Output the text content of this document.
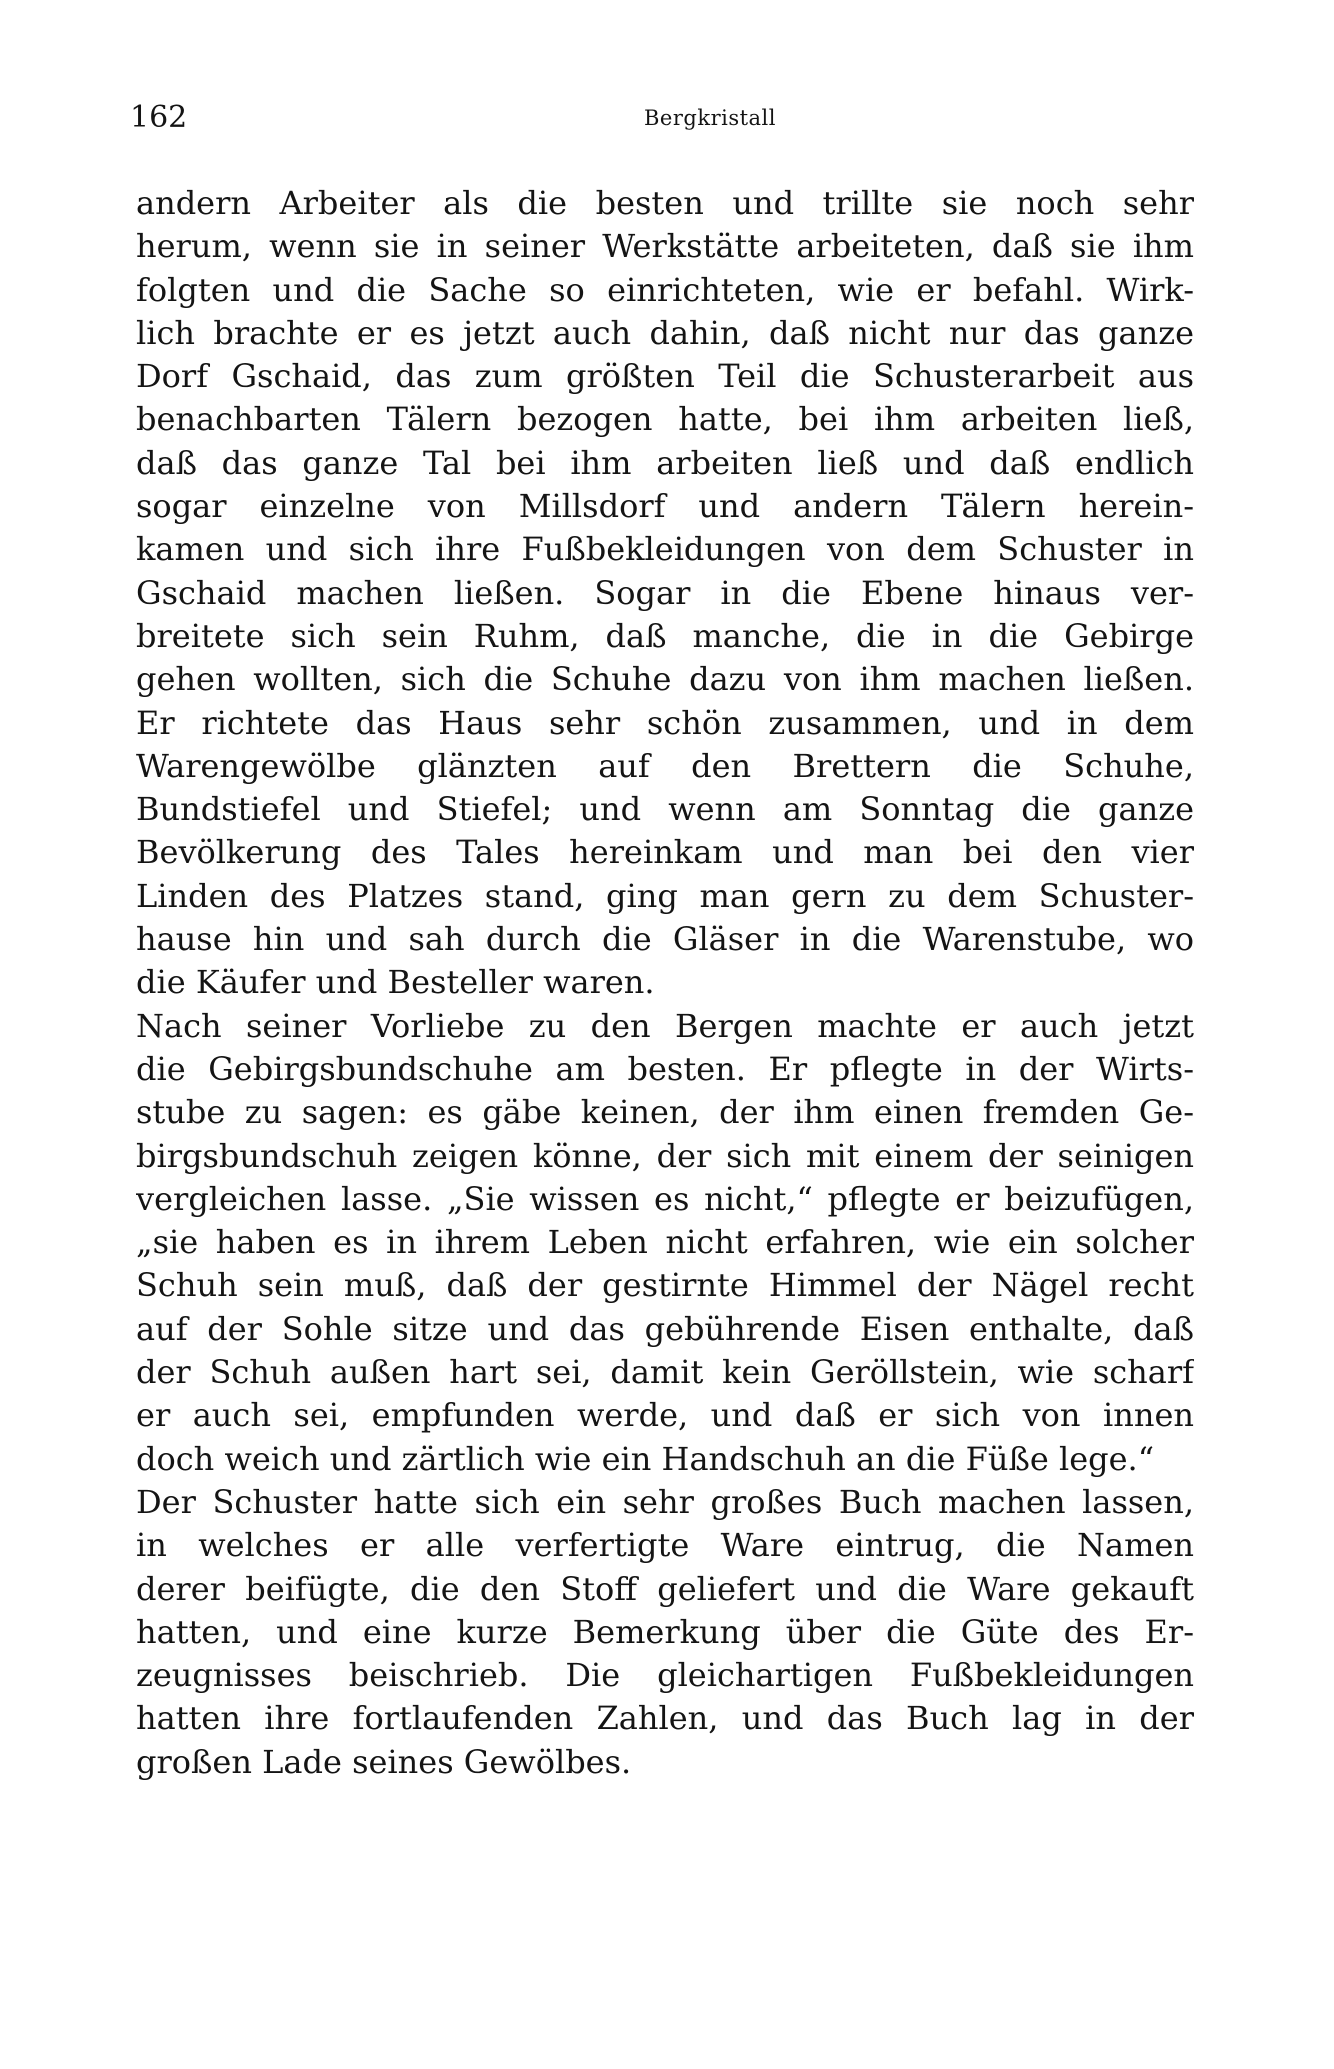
162	Bergkristall
andern Arbeiter als die besten und trillte sie noch sehr
herum, wenn sie in seiner Werkstätte arbeiteten, daß sie ihm
folgten und die Sache so einrichteten, wie er befahl. Wirk-
lich brachte er es jetzt auch dahin, daß nicht nur das ganze
Dorf Gschaid, das zum größten Teil die Schusterarbeit aus
benachbarten Tälern bezogen hatte, bei ihm arbeiten ließ,
daß das ganze Tal bei ihm arbeiten ließ und daß endlich
sogar einzelne von Millsdorf und andern Tälern herein-
kamen und sich ihre Fußbekleidungen von dem Schuster in
Gschaid machen ließen. Sogar in die Ebene hinaus ver-
breitete sich sein Ruhm, daß manche, die in die Gebirge
gehen wollten, sich die Schuhe dazu von ihm machen ließen.
Er richtete das Haus sehr schön zusammen, und in dem
Warengewölbe glänzten auf den Brettern die Schuhe,
Bundstiefel und Stiefel; und wenn am Sonntag die ganze
Bevölkerung des Tales hereinkam und man bei den vier
Linden des Platzes stand, ging man gern zu dem Schuster-
hause hin und sah durch die Gläser in die Warenstube, wo
die Käufer und Besteller waren.
Nach seiner Vorliebe zu den Bergen machte er auch jetzt
die Gebirgsbundschuhe am besten. Er pflegte in der Wirts-
stube zu sagen: es gäbe keinen, der ihm einen fremden Ge-
birgsbundschuh zeigen könne, der sich mit einem der seinigen
vergleichen lasse. „Sie wissen es nicht,“ pflegte er beizufügen,
„sie haben es in ihrem Leben nicht erfahren, wie ein solcher
Schuh sein muß, daß der gestirnte Himmel der Nägel recht
auf der Sohle sitze und das gebührende Eisen enthalte, daß
der Schuh außen hart sei, damit kein Geröllstein, wie scharf
er auch sei, empfunden werde, und daß er sich von innen
doch weich und zärtlich wie ein Handschuh an die Füße lege.“
Der Schuster hatte sich ein sehr großes Buch machen lassen,
in welches er alle verfertigte Ware eintrug, die Namen
derer beifügte, die den Stoff geliefert und die Ware gekauft
hatten, und eine kurze Bemerkung über die Güte des Er-
zeugnisses beischrieb. Die gleichartigen Fußbekleidungen
hatten ihre fortlaufenden Zahlen, und das Buch lag in der
großen Lade seines Gewölbes.
